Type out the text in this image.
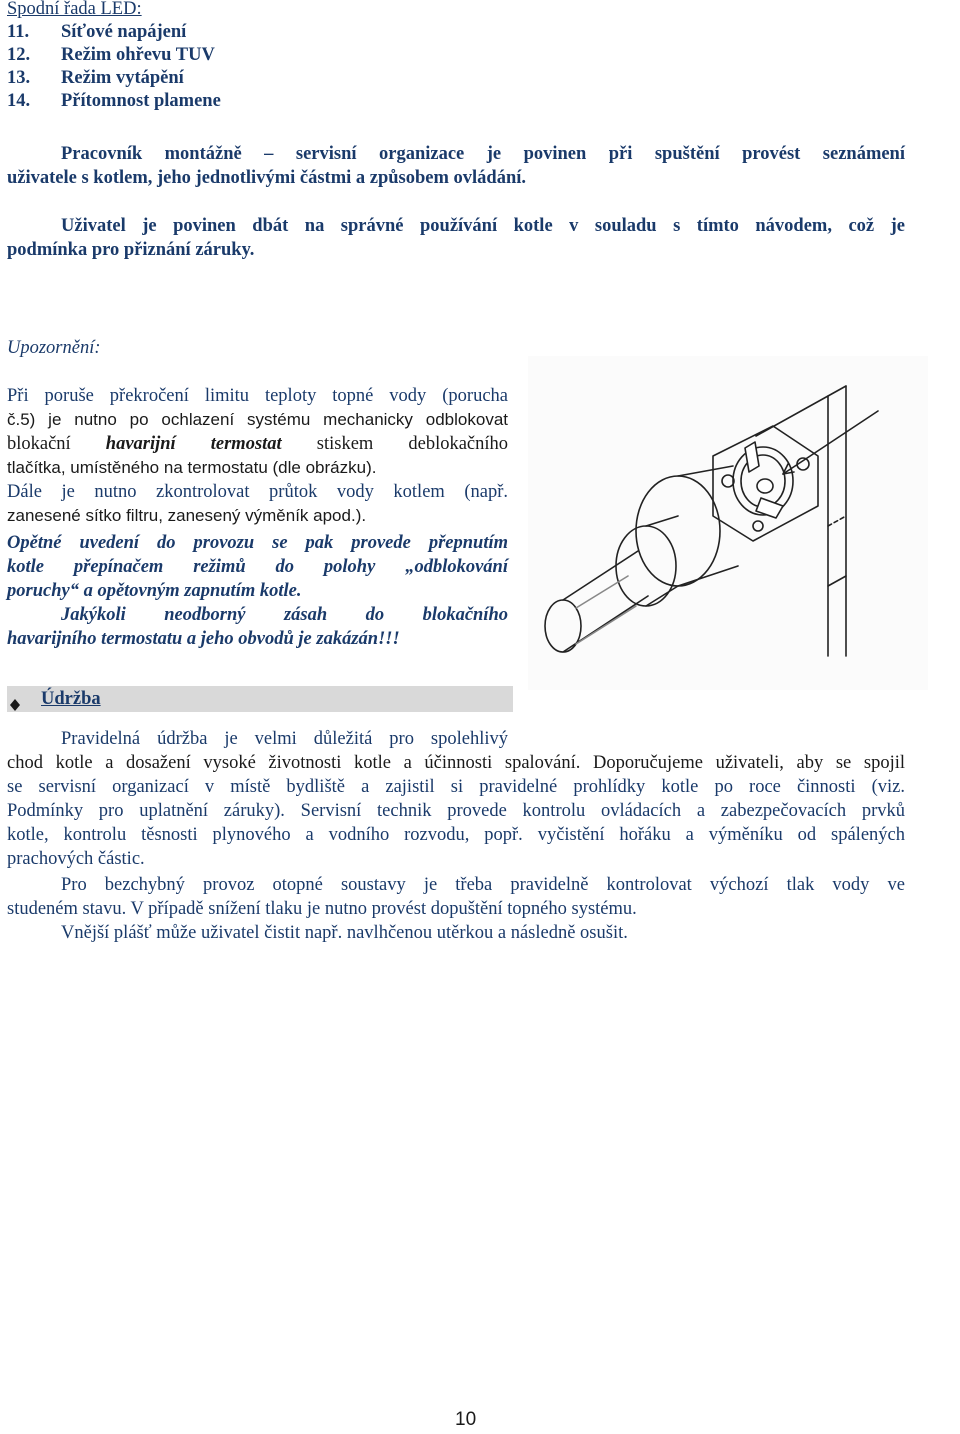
Spodní řada LED:
11. Síťové napájení
12. Režim ohřevu TUV
13. Režim vytápění
14. Přítomnost plamene
Pracovník montážně – servisní organizace je povinen při spuštění provést seznámení
uživatele s kotlem, jeho jednotlivými částmi a způsobem ovládání.
Uživatel je povinen dbát na správné používání kotle v souladu s tímto návodem, což je
podmínka pro přiznání záruky.
Upozornění:
Při poruše překročení limitu teploty topné vody (porucha
č.5) je nutno po ochlazení systému mechanicky odblokovat
blokační havarijní termostat stiskem deblokačního
tlačítka, umístěného na termostatu (dle obrázku).
Dále je nutno zkontrolovat průtok vody kotlem (např.
zanesené sítko filtru, zanesený výměník apod.).
Opětné uvedení do provozu se pak provede přepnutím
kotle přepínačem režimů do polohy „odblokování
poruchy“ a opětovným zapnutím kotle.
Jakýkoli neodborný zásah do blokačního
havarijního termostatu a jeho obvodů je zakázán!!!
Údržba
Pravidelná údržba je velmi důležitá pro spolehlivý
chod kotle a dosažení vysoké životnosti kotle a účinnosti spalování. Doporučujeme uživateli, aby se spojil
se servisní organizací v místě bydliště a zajistil si pravidelné prohlídky kotle po roce činnosti (viz.
Podmínky pro uplatnění záruky). Servisní technik provede kontrolu ovládacích a zabezpečovacích prvků
kotle, kontrolu těsnosti plynového a vodního rozvodu, popř. vyčistění hořáku a výměníku od spálených
prachových částic.
Pro bezchybný provoz otopné soustavy je třeba pravidelně kontrolovat výchozí tlak vody ve
studeném stavu. V případě snížení tlaku je nutno provést dopuštění topného systému.
Vnější plášť může uživatel čistit např. navlhčenou utěrkou a následně osušit.
10
